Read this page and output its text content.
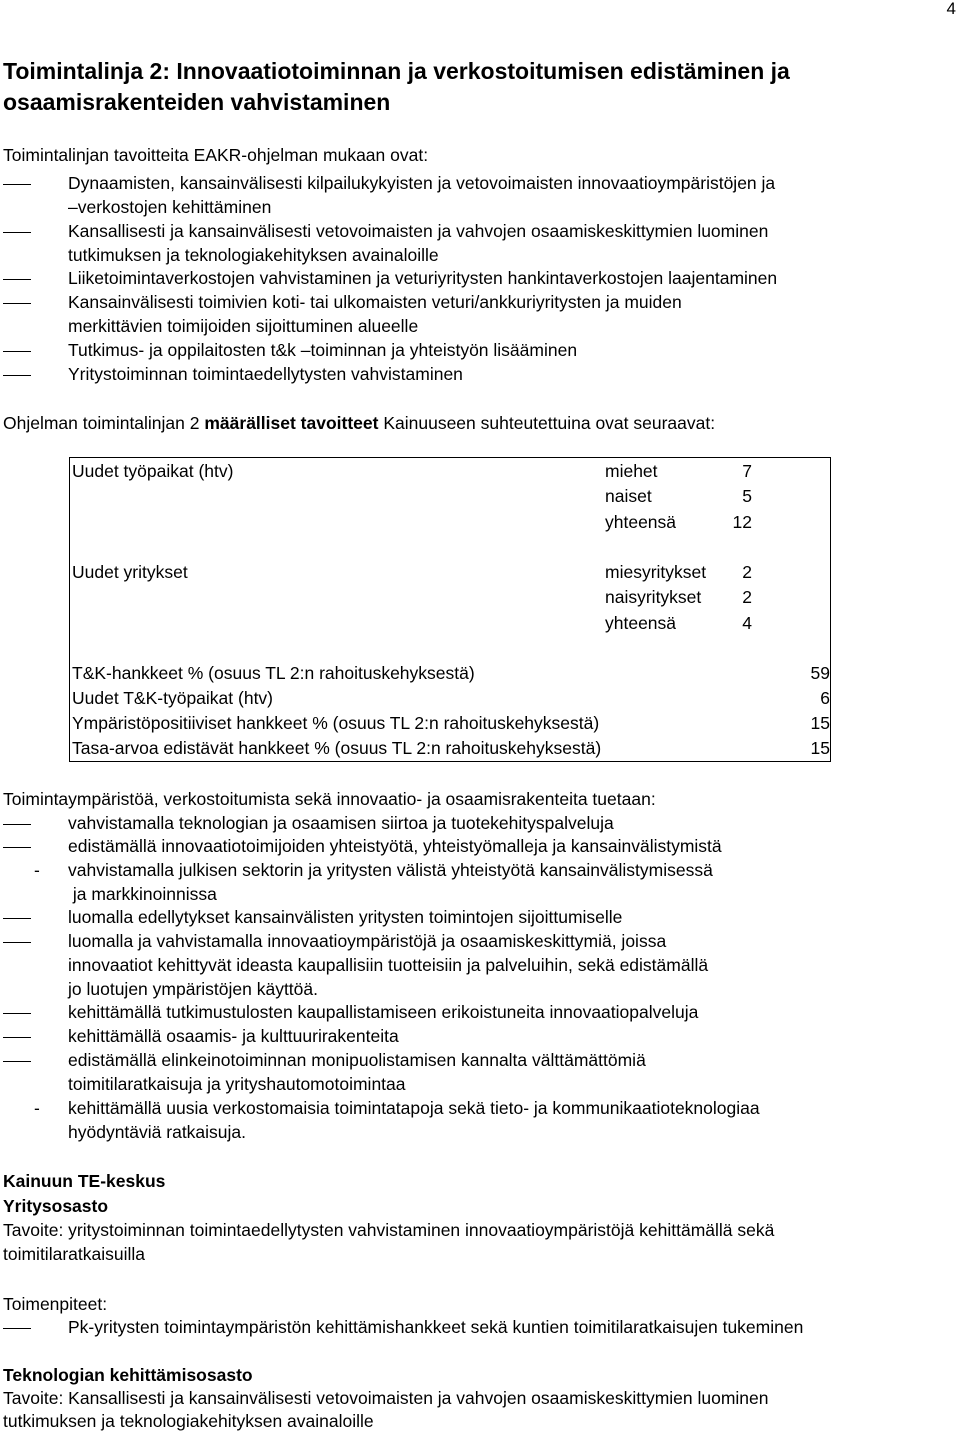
4
Toimintalinja 2: Innovaatiotoiminnan ja verkostoitumisen edistäminen ja
osaamisrakenteiden vahvistaminen
Toimintalinjan tavoitteita EAKR-ohjelman mukaan ovat:
Dynaamisten, kansainvälisesti kilpailukykyisten ja vetovoimaisten innovaatioympäristöjen ja
–verkostojen kehittäminen
Kansallisesti ja kansainvälisesti vetovoimaisten ja vahvojen osaamiskeskittymien luominen
tutkimuksen ja teknologiakehityksen avainaloille
Liiketoimintaverkostojen vahvistaminen ja veturiyritysten hankintaverkostojen laajentaminen
Kansainvälisesti toimivien koti- tai ulkomaisten veturi/ankkuriyritysten ja muiden
merkittävien toimijoiden sijoittuminen alueelle
Tutkimus- ja oppilaitosten t&k –toiminnan ja yhteistyön lisääminen
Yritystoiminnan toimintaedellytysten vahvistaminen
Ohjelman toimintalinjan 2 määrälliset tavoitteet Kainuuseen suhteutettuina ovat seuraavat:
Uudet työpaikat (htv)	miehet	7
naiset	5
yhteensä	12
Uudet yritykset	miesyritykset	2
naisyritykset	2
yhteensä	4
T&K-hankkeet % (osuus TL 2:n rahoituskehyksestä)	59
Uudet T&K-työpaikat (htv)	6
Ympäristöpositiiviset hankkeet % (osuus TL 2:n rahoituskehyksestä)	15
Tasa-arvoa edistävät hankkeet % (osuus TL 2:n rahoituskehyksestä)	15
Toimintaympäristöä, verkostoitumista sekä innovaatio- ja osaamisrakenteita tuetaan:
vahvistamalla teknologian ja osaamisen siirtoa ja tuotekehityspalveluja
edistämällä innovaatiotoimijoiden yhteistyötä, yhteistyömalleja ja kansainvälistymistä
- vahvistamalla julkisen sektorin ja yritysten välistä yhteistyötä kansainvälistymisessä
ja markkinoinnissa
luomalla edellytykset kansainvälisten yritysten toimintojen sijoittumiselle
luomalla ja vahvistamalla innovaatioympäristöjä ja osaamiskeskittymiä, joissa
innovaatiot kehittyvät ideasta kaupallisiin tuotteisiin ja palveluihin, sekä edistämällä
jo luotujen ympäristöjen käyttöä.
kehittämällä tutkimustulosten kaupallistamiseen erikoistuneita innovaatiopalveluja
kehittämällä osaamis- ja kulttuurirakenteita
edistämällä elinkeinotoiminnan monipuolistamisen kannalta välttämättömiä
toimitilaratkaisuja ja yrityshautomotoimintaa
- kehittämällä uusia verkostomaisia toimintatapoja sekä tieto- ja kommunikaatioteknologiaa
hyödyntäviä ratkaisuja.
Kainuun TE-keskus
Yritysosasto
Tavoite: yritystoiminnan toimintaedellytysten vahvistaminen innovaatioympäristöjä kehittämällä sekä
toimitilaratkaisuilla
Toimenpiteet:
Pk-yritysten toimintaympäristön kehittämishankkeet sekä kuntien toimitilaratkaisujen tukeminen
Teknologian kehittämisosasto
Tavoite: Kansallisesti ja kansainvälisesti vetovoimaisten ja vahvojen osaamiskeskittymien luominen
tutkimuksen ja teknologiakehityksen avainaloille
